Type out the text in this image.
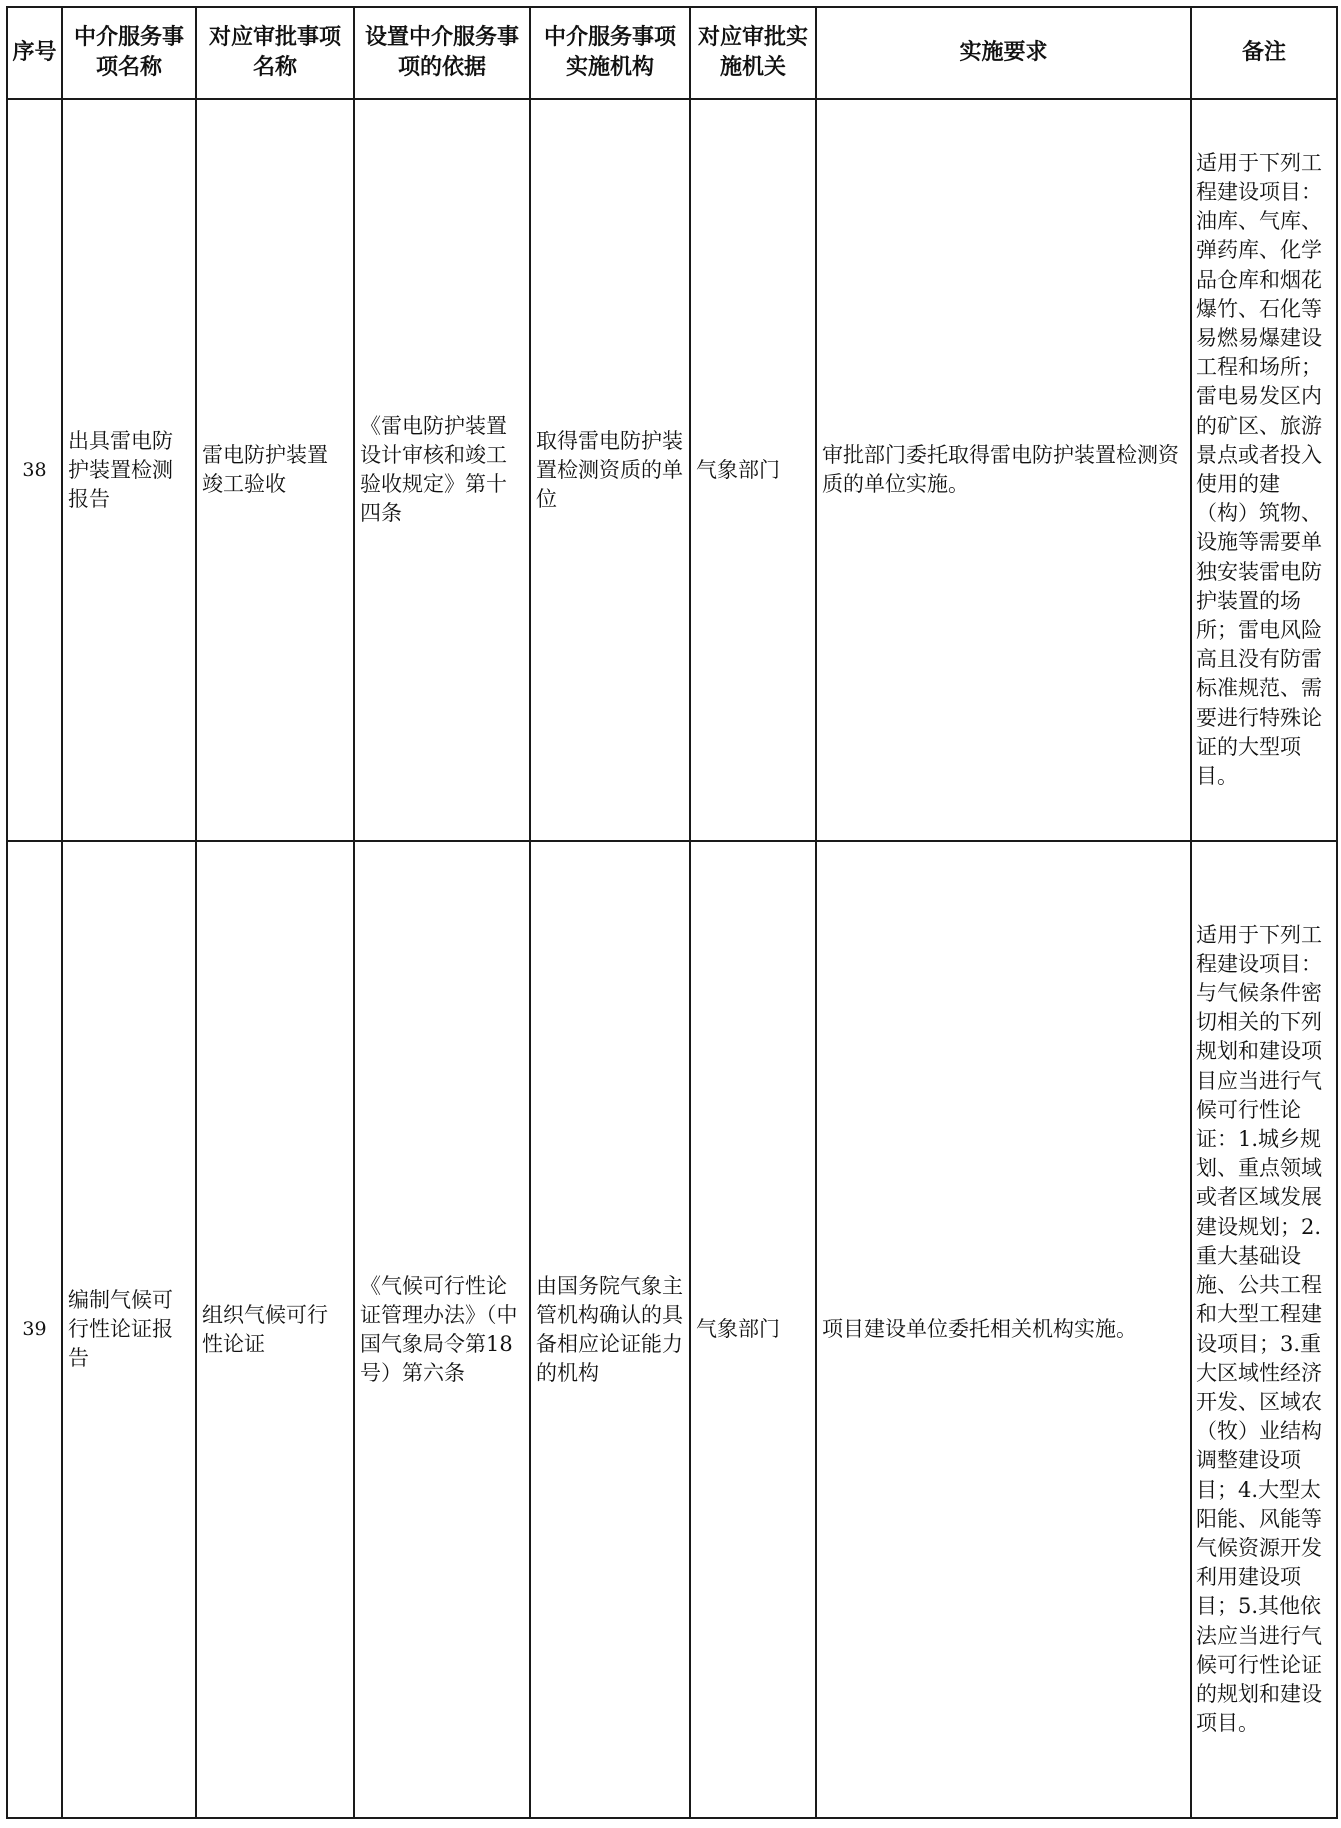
序号	中介服务事项名称	对应审批事项名称	设置中介服务事项的依据	中介服务事项实施机构	对应审批实施机关	实施要求	备注

38	出具雷电防护装置检测报告	雷电防护装置竣工验收	《雷电防护装置设计审核和竣工验收规定》第十四条	取得雷电防护装置检测资质的单位	气象部门	审批部门委托取得雷电防护装置检测资质的单位实施。	适用于下列工程建设项目：油库、气库、弹药库、化学品仓库和烟花爆竹、石化等易燃易爆建设工程和场所；雷电易发区内的矿区、旅游景点或者投入使用的建（构）筑物、设施等需要单独安装雷电防护装置的场所；雷电风险高且没有防雷标准规范、需要进行特殊论证的大型项目。

39	编制气候可行性论证报告	组织气候可行性论证	《气候可行性论证管理办法》（中国气象局令第18号）第六条	由国务院气象主管机构确认的具备相应论证能力的机构	气象部门	项目建设单位委托相关机构实施。	适用于下列工程建设项目：与气候条件密切相关的下列规划和建设项目应当进行气候可行性论证：1.城乡规划、重点领域或者区域发展建设规划；2.重大基础设施、公共工程和大型工程建设项目；3.重大区域性经济开发、区域农（牧）业结构调整建设项目；4.大型太阳能、风能等气候资源开发利用建设项目；5.其他依法应当进行气候可行性论证的规划和建设项目。
